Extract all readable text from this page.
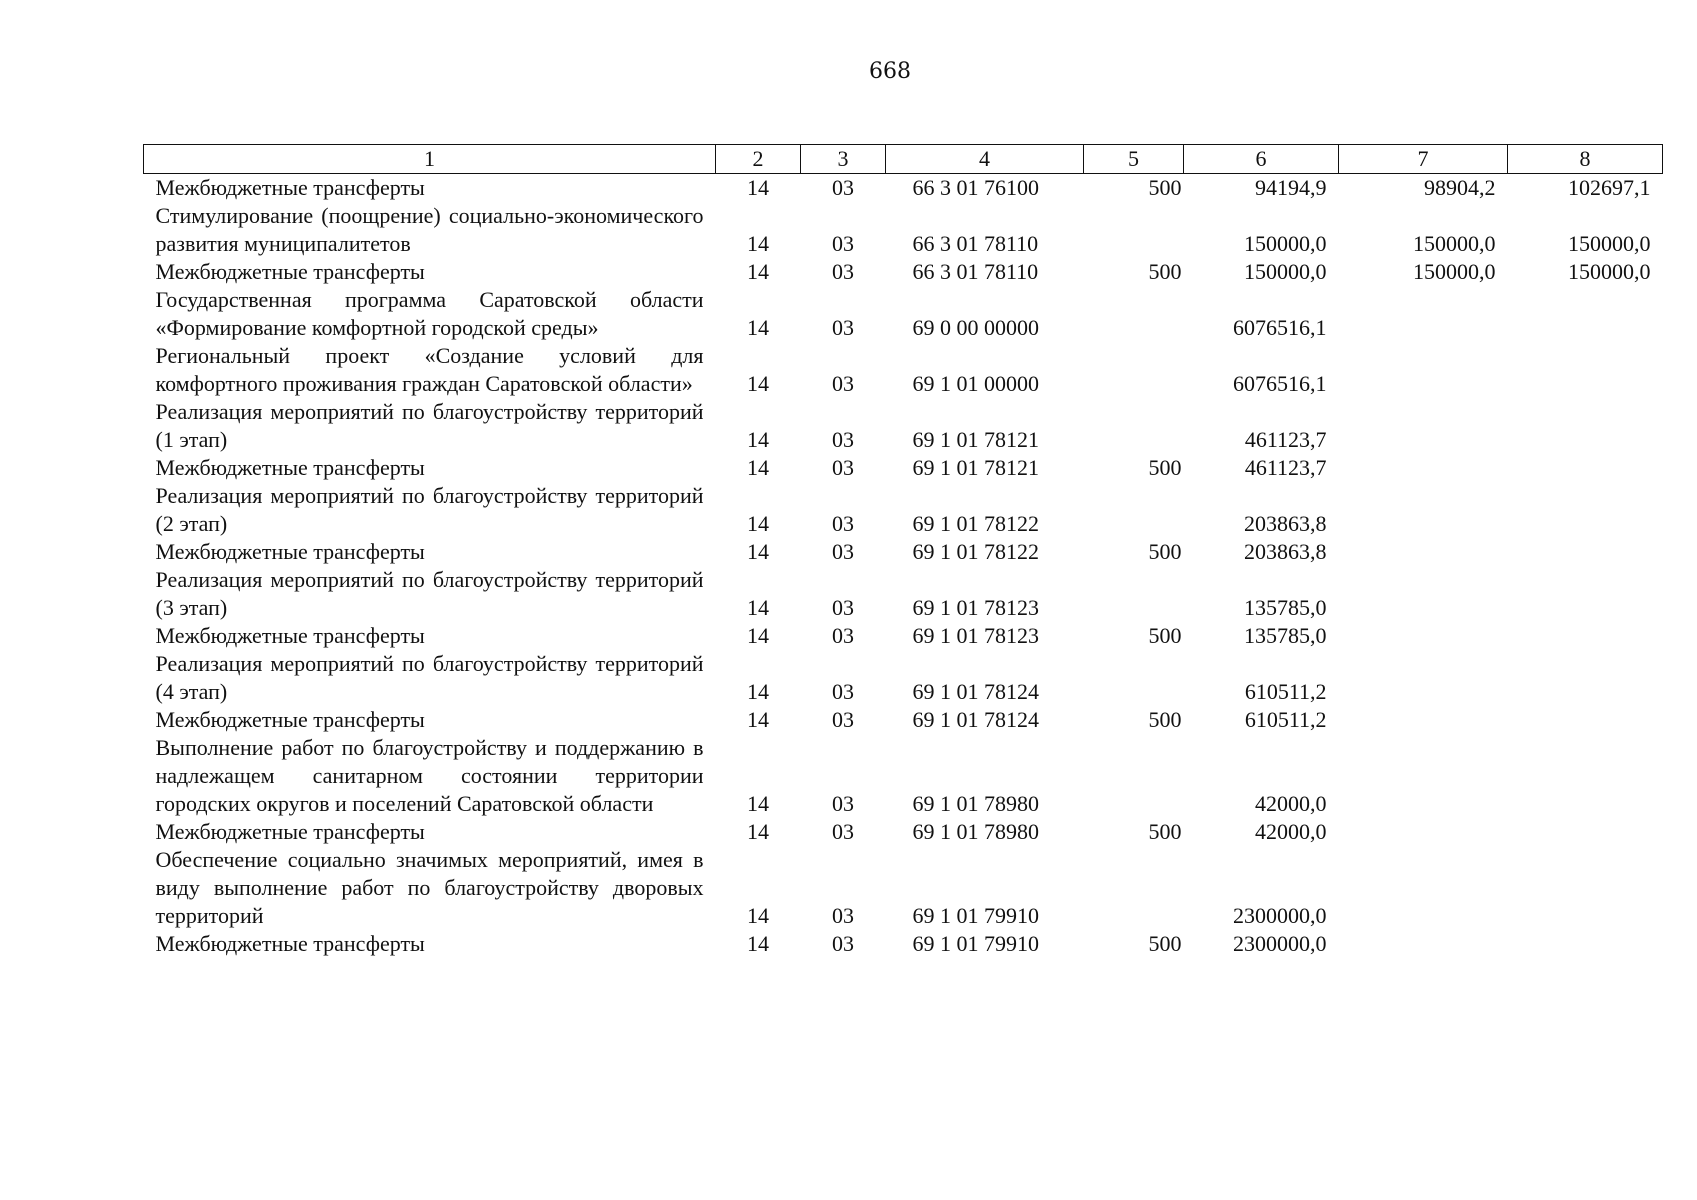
668
1	2	3	4	5	6	7	8
Межбюджетные трансферты	14	03	66 3 01 76100	500	94194,9	98904,2	102697,1
Стимулирование (поощрение) социально-экономического развития муниципалитетов	14	03	66 3 01 78110		150000,0	150000,0	150000,0
Межбюджетные трансферты	14	03	66 3 01 78110	500	150000,0	150000,0	150000,0
Государственная программа Саратовской области «Формирование комфортной городской среды»	14	03	69 0 00 00000		6076516,1		
Региональный проект «Создание условий для комфортного проживания граждан Саратовской области»	14	03	69 1 01 00000		6076516,1		
Реализация мероприятий по благоустройству территорий (1 этап)	14	03	69 1 01 78121		461123,7		
Межбюджетные трансферты	14	03	69 1 01 78121	500	461123,7		
Реализация мероприятий по благоустройству территорий (2 этап)	14	03	69 1 01 78122		203863,8		
Межбюджетные трансферты	14	03	69 1 01 78122	500	203863,8		
Реализация мероприятий по благоустройству территорий (3 этап)	14	03	69 1 01 78123		135785,0		
Межбюджетные трансферты	14	03	69 1 01 78123	500	135785,0		
Реализация мероприятий по благоустройству территорий (4 этап)	14	03	69 1 01 78124		610511,2		
Межбюджетные трансферты	14	03	69 1 01 78124	500	610511,2		
Выполнение работ по благоустройству и поддержанию в надлежащем санитарном состоянии территории городских округов и поселений Саратовской области	14	03	69 1 01 78980		42000,0		
Межбюджетные трансферты	14	03	69 1 01 78980	500	42000,0		
Обеспечение социально значимых мероприятий, имея в виду выполнение работ по благоустройству дворовых территорий	14	03	69 1 01 79910		2300000,0		
Межбюджетные трансферты	14	03	69 1 01 79910	500	2300000,0		
